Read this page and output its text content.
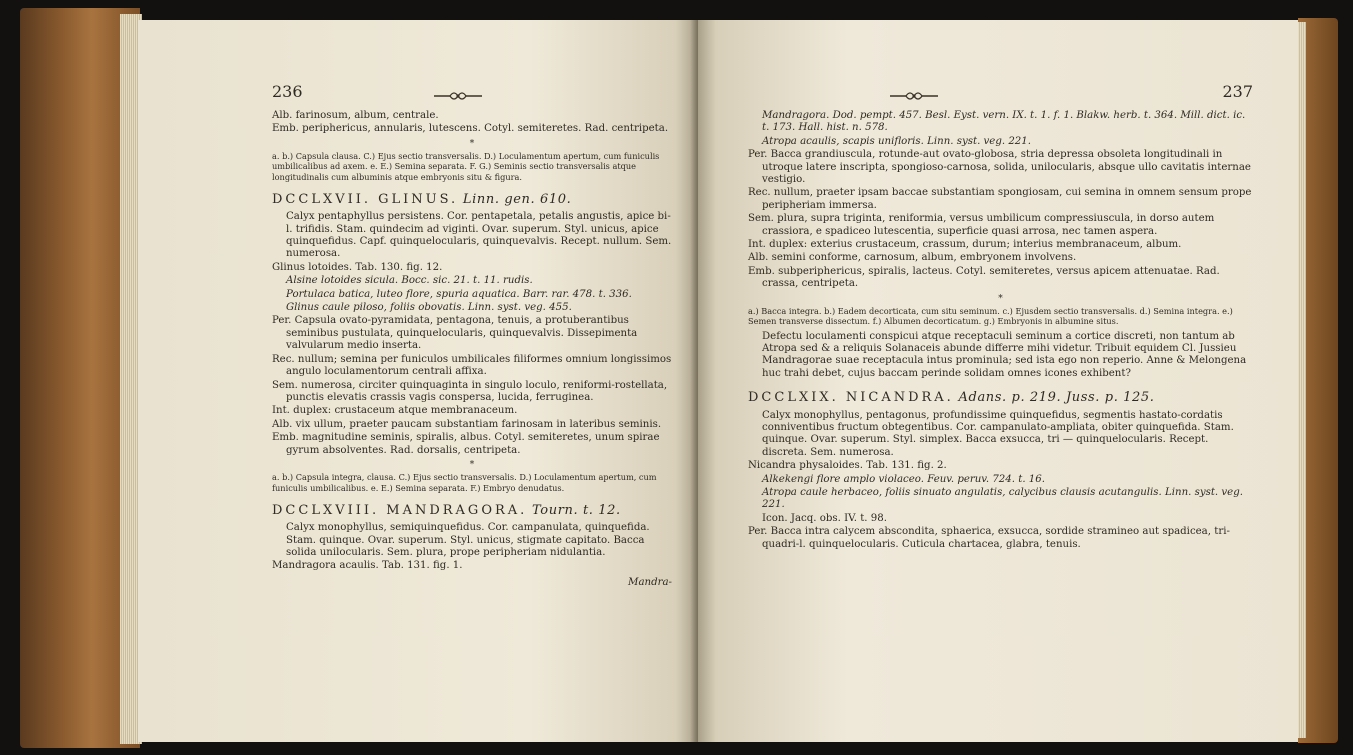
236

Alb. farinosum, album, centrale.

Emb. periphericus, annularis, lutescens. Cotyl. semiteretes. Rad. centripeta.

*

a. b.) Capsula clausa. C.) Ejus sectio transversalis. D.) Loculamentum apertum, cum funiculis umbilicalibus ad axem. e. E.) Semina separata. F. G.) Seminis sectio transversalis atque longitudinalis cum albuminis atque embryonis situ & figura.

DCCLXVII. GLINUS. Linn. gen. 610.

Calyx pentaphyllus persistens. Cor. pentapetala, petalis angustis, apice bi-l. trifidis. Stam. quindecim ad viginti. Ovar. superum. Styl. unicus, apice quinquefidus. Capf. quinquelocularis, quinquevalvis. Recept. nullum. Sem. numerosa.

Glinus lotoides. Tab. 130. fig. 12.

Alsine lotoides sicula. Bocc. sic. 21. t. 11. rudis.

Portulaca batica, luteo flore, spuria aquatica. Barr. rar. 478. t. 336.

Glinus caule piloso, foliis obovatis. Linn. syst. veg. 455.

Per. Capsula ovato-pyramidata, pentagona, tenuis, a protuberantibus seminibus pustulata, quinquelocularis, quinquevalvis. Dissepimenta valvularum medio inserta.

Rec. nullum; semina per funiculos umbilicales filiformes omnium longissimos angulo loculamentorum centrali affixa.

Sem. numerosa, circiter quinquaginta in singulo loculo, reniformi-rostellata, punctis elevatis crassis vagis conspersa, lucida, ferruginea.

Int. duplex: crustaceum atque membranaceum.

Alb. vix ullum, praeter paucam substantiam farinosam in lateribus seminis.

Emb. magnitudine seminis, spiralis, albus. Cotyl. semiteretes, unum spirae gyrum absolventes. Rad. dorsalis, centripeta.

*

a. b.) Capsula integra, clausa. C.) Ejus sectio transversalis. D.) Loculamentum apertum, cum funiculis umbilicalibus. e. E.) Semina separata. F.) Embryo denudatus.

DCCLXVIII. MANDRAGORA. Tourn. t. 12.

Calyx monophyllus, semiquinquefidus. Cor. campanulata, quinquefida. Stam. quinque. Ovar. superum. Styl. unicus, stigmate capitato. Bacca solida unilocularis. Sem. plura, prope peripheriam nidulantia.

Mandragora acaulis. Tab. 131. fig. 1.

Mandra-
237

Mandragora. Dod. pempt. 457. Besl. Eyst. vern. IX. t. 1. f. 1. Blakw. herb. t. 364. Mill. dict. ic. t. 173. Hall. hist. n. 578.

Atropa acaulis, scapis unifloris. Linn. syst. veg. 221.

Per. Bacca grandiuscula, rotunde-aut ovato-globosa, stria depressa obsoleta longitudinali in utroque latere inscripta, spongioso-carnosa, solida, unilocularis, absque ullo cavitatis internae vestigio.

Rec. nullum, praeter ipsam baccae substantiam spongiosam, cui semina in omnem sensum prope peripheriam immersa.

Sem. plura, supra triginta, reniformia, versus umbilicum compressiuscula, in dorso autem crassiora, e spadiceo lutescentia, superficie quasi arrosa, nec tamen aspera.

Int. duplex: exterius crustaceum, crassum, durum; interius membranaceum, album.

Alb. semini conforme, carnosum, album, embryonem involvens.

Emb. subperiphericus, spiralis, lacteus. Cotyl. semiteretes, versus apicem attenuatae. Rad. crassa, centripeta.

*

a.) Bacca integra. b.) Eadem decorticata, cum situ seminum. c.) Ejusdem sectio transversalis. d.) Semina integra. e.) Semen transverse dissectum. f.) Albumen decorticatum. g.) Embryonis in albumine situs.

Defectu loculamenti conspicui atque receptaculi seminum a cortice discreti, non tantum ab Atropa sed & a reliquis Solanaceis abunde differre mihi videtur. Tribuit equidem Cl. Jussieu Mandragorae suae receptacula intus prominula; sed ista ego non reperio. Anne & Melongena huc trahi debet, cujus baccam perinde solidam omnes icones exhibent?

DCCLXIX. NICANDRA. Adans. p. 219. Juss. p. 125.

Calyx monophyllus, pentagonus, profundissime quinquefidus, segmentis hastato-cordatis conniventibus fructum obtegentibus. Cor. campanulato-ampliata, obiter quinquefida. Stam. quinque. Ovar. superum. Styl. simplex. Bacca exsucca, tri — quinquelocularis. Recept. discreta. Sem. numerosa.

Nicandra physaloides. Tab. 131. fig. 2.

Alkekengi flore amplo violaceo. Feuv. peruv. 724. t. 16.

Atropa caule herbaceo, foliis sinuato angulatis, calycibus clausis acutangulis. Linn. syst. veg. 221.

Icon. Jacq. obs. IV. t. 98.

Per. Bacca intra calycem abscondita, sphaerica, exsucca, sordide stramineo aut spadicea, tri-quadri-l. quinquelocularis. Cuticula chartacea, glabra, tenuis.
